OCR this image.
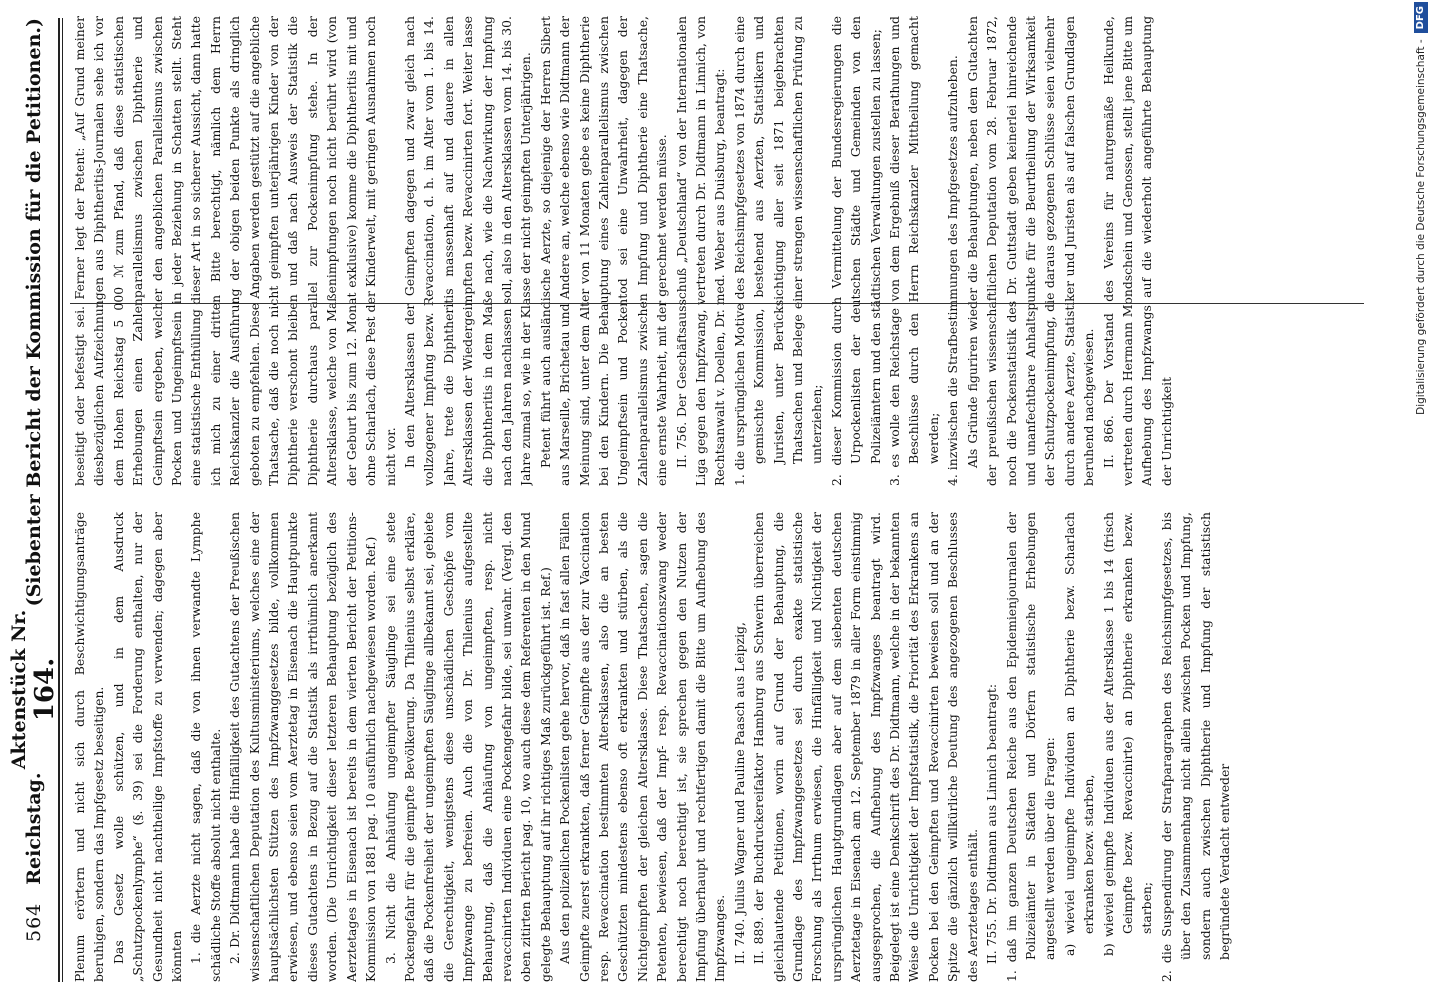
564
Reichstag.
Aktenstück Nr. 164.
(Siebenter Bericht der Kommission für die Petitionen.)

Plenum erörtern und nicht sich durch Beschwichtigungsanträge beruhigen, sondern das Impfgesetz beseitigen. Das Gesetz wolle schützen, und in dem Ausdruck „Schutzpockenlymphe“ (§. 39) sei die Forderung enthalten, nur der Gesundheit nicht nachtheilige Impfstoffe zu verwenden; dagegen aber könnten 1. die Aerzte nicht sagen, daß die von ihnen verwandte Lymphe schädliche Stoffe absolut nicht enthalte. 2. Dr. Didtmann habe die Hinfälligkeit des Gutachtens der Preußischen wissenschaftlichen Deputation des Kultusministeriums, welches eine der hauptsächlichsten Stützen des Impfzwanggesetzes bilde, vollkommen erwiesen, und ebenso seien vom Aerztetag in Eisenach die Hauptpunkte dieses Gutachtens in Bezug auf die Statistik als irrthümlich anerkannt worden. (Die Unrichtigkeit dieser letzteren Behauptung bezüglich des Aerztetages in Eisenach ist bereits in dem vierten Bericht der Petitions-Kommission von 1881 pag. 10 ausführlich nachgewiesen worden. Ref.) 3. Nicht die Anhäufung ungeimpfter Säuglinge sei eine stete Pockengefahr für die geimpfte Bevölkerung. Da Thilenius selbst erkläre, daß die Pockenfreiheit der ungeimpften Säuglinge allbekannt sei, gebiete die Gerechtigkeit, wenigstens diese unschädlichen Geschöpfe vom Impfzwange zu befreien. Auch die von Dr. Thilenius aufgestellte Behauptung, daß die Anhäufung von ungeimpften, resp. nicht revaccinirten Individuen eine Pockengefahr bilde, sei unwahr. (Vergl. den oben zitirten Bericht pag. 10, wo auch diese dem Referenten in den Mund gelegte Behauptung auf ihr richtiges Maß zurückgeführt ist. Ref.) Aus den polizeilichen Pockenlisten gehe hervor, daß in fast allen Fällen Geimpfte zuerst erkrankten, daß ferner Geimpfte aus der zur Vaccination resp. Revaccination bestimmten Altersklassen, also die an besten Geschützten mindestens ebenso oft erkrankten und stürben, als die Nichtgeimpften der gleichen Altersklasse. Diese Thatsachen, sagen die Petenten, bewiesen, daß der Impf- resp. Revaccinationszwang weder berechtigt noch berechtigt ist, sie sprechen gegen den Nutzen der Impfung überhaupt und rechtfertigen damit die Bitte um Aufhebung des Impfzwanges. II. 740. Julius Wagner und Pauline Paasch aus Leipzig, II. 889. der Buchdruckereifaktor Hamburg aus Schwerin überreichen gleichlautende Petitionen, worin auf Grund der Behauptung, die Grundlage des Impfzwanggesetzes sei durch exakte statistische Forschung als Irrthum erwiesen, die Hinfälligkeit und Nichtigkeit der ursprünglichen Hauptgrundlagen aber auf dem siebenten deutschen Aerztetage in Eisenach am 12. September 1879 in aller Form einstimmig ausgesprochen, die Aufhebung des Impfzwanges beantragt wird. Beigelegt ist eine Denkschrift des Dr. Didtmann, welche in der bekannten Weise die Unrichtigkeit der Impfstatistik, die Priorität des Erkrankens an Pocken bei den Geimpften und Revaccinirten beweisen soll und an der Spitze die gänzlich willkürliche Deutung des angezogenen Beschlusses des Aerztetages enthält. II. 755. Dr. Didtmann aus Linnich beantragt: 1. daß im ganzen Deutschen Reiche aus den Epidemienjournalen der Polizeiämter in Städten und Dörfern statistische Erhebungen angestellt werden über die Fragen: a) wieviel ungeimpfte Individuen an Diphtherie bezw. Scharlach erkranken bezw. starben, b) wieviel geimpfte Individuen aus der Altersklasse 1 bis 14 (frisch Geimpfte bezw. Revaccinirte) an Diphtherie erkranken bezw. starben; 2. die Suspendirung der Strafparagraphen des Reichsimpfgesetzes, bis über den Zusammenhang nicht allein zwischen Pocken und Impfung, sondern auch zwischen Diphtherie und Impfung der statistisch begründete Verdacht entweder

beseitigt oder befestigt sei. Ferner legt der Petent: „Auf Grund meiner diesbezüglichen Aufzeichnungen aus Diphtheritis-Journalen sehe ich vor dem Hohen Reichstag 5 000 ℳ zum Pfand, daß diese statistischen Erhebungen einen Zahlenparallelismus zwischen Diphtherie und Geimpftsein ergeben, welcher den angeblichen Parallelismus zwischen Pocken und Ungeimpftsein in jeder Beziehung in Schatten stellt. Steht eine statistische Enthüllung dieser Art in so sicherer Aussicht, dann hatte ich mich zu einer dritten Bitte berechtigt, nämlich dem Herrn Reichskanzler die Ausführung der obigen beiden Punkte als dringlich geboten zu empfehlen. Diese Angaben werden gestützt auf die angebliche Thatsache, daß die noch nicht geimpften unterjährigen Kinder von der Diphtherie verschont bleiben und daß nach Ausweis der Statistik die Diphtherie durchaus parallel zur Pockenimpfung stehe. In der Altersklasse, welche von Maßenimpfungen noch nicht berührt wird (von der Geburt bis zum 12. Monat exklusive) komme die Diphtheritis mit und ohne Scharlach, diese Pest der Kinderwelt, mit geringen Ausnahmen noch nicht vor. In den Altersklassen der Geimpften dagegen und zwar gleich nach vollzogener Impfung bezw. Revaccination, d. h. im Alter vom 1. bis 14. Jahre, trete die Diphtheritis massenhaft auf und dauere in allen Altersklassen der Wiedergeimpften bezw. Revaccinirten fort. Weiter lasse die Diphtheritis in dem Maße nach, wie die Nachwirkung der Impfung nach den Jahren nachlassen soll, also in den Altersklassen vom 14. bis 30. Jahre zumal so, wie in der Klasse der nicht geimpften Unterjährigen. Petent führt auch ausländische Aerzte, so diejenige der Herren Sibert aus Marseille, Brichetau und Andere an, welche ebenso wie Didtmann der Meinung sind, unter dem Alter von 11 Monaten gebe es keine Diphtherie bei den Kindern. Die Behauptung eines Zahlenparallelismus zwischen Ungeimpftsein und Pockentod sei eine Unwahrheit, dagegen der Zahlenparallelismus zwischen Impfung und Diphtherie eine Thatsache, eine ernste Wahrheit, mit der gerechnet werden müsse. II. 756. Der Geschäftsausschuß „Deutschland“ von der Internationalen Liga gegen den Impfzwang, vertreten durch Dr. Didtmann in Linnich, von Rechtsanwalt v. Doellen, Dr. med. Weber aus Duisburg, beantragt: 1. die ursprünglichen Motive des Reichsimpfgesetzes von 1874 durch eine gemischte Kommission, bestehend aus Aerzten, Statistikern und Juristen, unter Berücksichtigung aller seit 1871 beigebrachten Thatsachen und Belege einer strengen wissenschaftlichen Prüfung zu unterziehen; 2. dieser Kommission durch Vermittelung der Bundesregierungen die Urpockenlisten der deutschen Städte und Gemeinden von den Polizeiämtern und den städtischen Verwaltungen zustellen zu lassen; 3. es wolle den Reichstage von dem Ergebniß dieser Berathungen und Beschlüsse durch den Herrn Reichskanzler Mittheilung gemacht werden; 4. inzwischen die Strafbestimmungen des Impfgesetzes aufzuheben. Als Gründe figuriren wieder die Behauptungen, neben dem Gutachten der preußischen wissenschaftlichen Deputation vom 28. Februar 1872, noch die Pockenstatistik des Dr. Guttstadt geben keinerlei hinreichende und unanfechtbare Anhaltspunkte für die Beurtheilung der Wirksamkeit der Schutzpockenimpfung, die daraus gezogenen Schlüsse seien vielmehr durch andere Aerzte, Statistiker und Juristen als auf falschen Grundlagen beruhend nachgewiesen. II. 866. Der Vorstand des Vereins für naturgemäße Heilkunde, vertreten durch Hermann Mondschein und Genossen, stellt jene Bitte um Aufhebung des Impfzwangs auf die wiederholt angeführte Behauptung der Unrichtigkeit

Digitalisierung gefördert durch die Deutsche Forschungsgemeinschaft -
DFG
